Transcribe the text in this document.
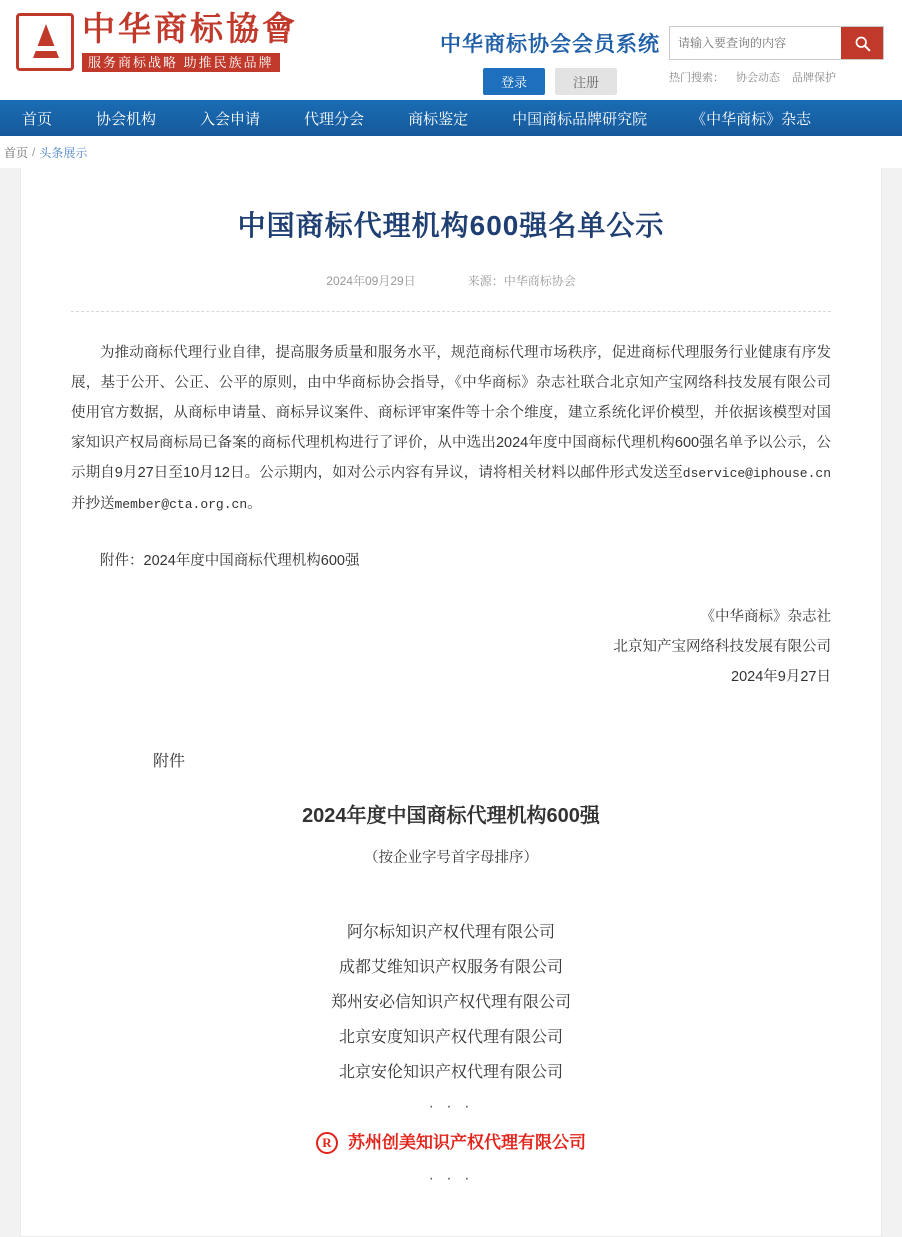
中华商标協會
服务商标战略 助推民族品牌
中华商标协会会员系统
登录	注册
请输入要查询的内容	热门搜索： 协会动态 品牌保护
首页	协会机构	入会申请	代理分会	商标鉴定	中国商标品牌研究院	《中华商标》杂志
首页 / 头条展示
中国商标代理机构600强名单公示
2024年09月29日	来源：中华商标协会

为推动商标代理行业自律，提高服务质量和服务水平，规范商标代理市场秩序，促进商标代理服务行业健康有序发展，基于公开、公正、公平的原则，由中华商标协会指导，《中华商标》杂志社联合北京知产宝网络科技发展有限公司使用官方数据，从商标申请量、商标异议案件、商标评审案件等十余个维度，建立系统化评价模型，并依据该模型对国家知识产权局商标局已备案的商标代理机构进行了评价，从中选出2024年度中国商标代理机构600强名单予以公示，公示期自9月27日至10月12日。公示期内，如对公示内容有异议，请将相关材料以邮件形式发送至dservice@iphouse.cn并抄送member@cta.org.cn。

附件：2024年度中国商标代理机构600强

《中华商标》杂志社
北京知产宝网络科技发展有限公司
2024年9月27日
附件
2024年度中国商标代理机构600强
（按企业字号首字母排序）
阿尔标知识产权代理有限公司
成都艾维知识产权服务有限公司
郑州安必信知识产权代理有限公司
北京安度知识产权代理有限公司
北京安伦知识产权代理有限公司
· · ·
R 苏州创美知识产权代理有限公司
· · ·
